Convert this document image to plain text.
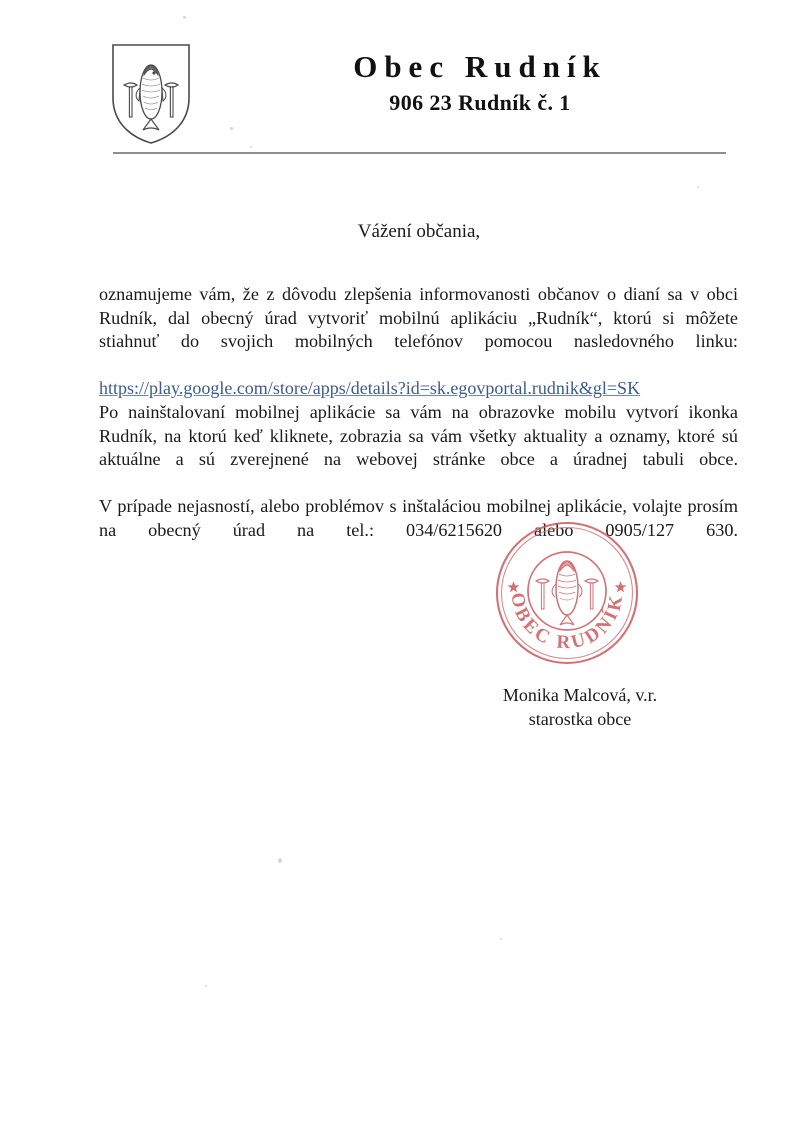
Obec Rudník
906 23 Rudník č. 1
Vážení občania,

oznamujeme vám, že z dôvodu zlepšenia informovanosti občanov o dianí sa v obci Rudník, dal obecný úrad vytvoriť mobilnú aplikáciu „Rudník“, ktorú si môžete stiahnuť do svojich mobilných telefónov pomocou nasledovného linku:

https://play.google.com/store/apps/details?id=sk.egovportal.rudnik&gl=SK

Po nainštalovaní mobilnej aplikácie sa vám na obrazovke mobilu vytvorí ikonka Rudník, na ktorú keď kliknete, zobrazia sa vám všetky aktuality a oznamy, ktoré sú aktuálne a sú zverejnené na webovej stránke obce a úradnej tabuli obce.

V prípade nejasností, alebo problémov s inštaláciou mobilnej aplikácie, volajte prosím na obecný úrad na tel.: 034/6215620 alebo 0905/127 630.

OBEC RUDNÍK
Monika Malcová, v.r.
starostka obce
